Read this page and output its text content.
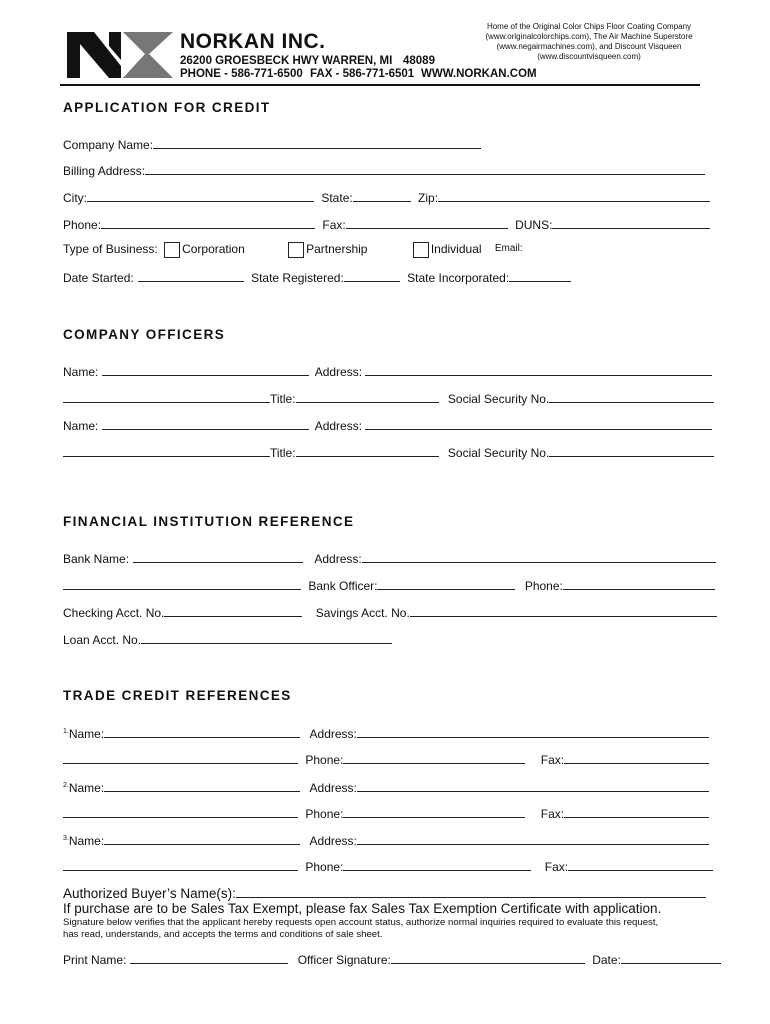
NORKAN INC.
26200 GROESBECK HWY WARREN, MI 48089
PHONE - 586-771-6500 FAX - 586-771-6501 WWW.NORKAN.COM
Home of the Original Color Chips Floor Coating Company
(www.originalcolorchips.com), The Air Machine Superstore
(www.negairmachines.com), and Discount Visqueen
(www.discountvisqueen.com)
APPLICATION FOR CREDIT
Company Name:
Billing Address:
City:	State:	Zip:
Phone:	Fax:	DUNS:
Type of Business: Corporation	Partnership	Individual $^{Email:}$
Date Started:	State Registered:	State Incorporated:
COMPANY OFFICERS
Name:	Address:
Title:	Social Security No.
Name:	Address:
Title:	Social Security No.
FINANCIAL INSTITUTION REFERENCE
Bank Name:	Address:
Bank Officer:	Phone:
Checking Acct. No.	Savings Acct. No.
Loan Acct. No.
TRADE CREDIT REFERENCES
$^{1.}$Name:	Address:
Phone:	Fax:
$^{2.}$Name:	Address:
Phone:	Fax:
$^{3.}$Name:	Address:
Phone:	Fax:
Authorized Buyer’s Name(s):
If purchase are to be Sales Tax Exempt, please fax Sales Tax Exemption Certificate with application.
Signature below verifies that the applicant hereby requests open account status, authorize normal inquiries required to evaluate this request,
has read, understands, and accepts the terms and conditions of sale sheet.
Print Name:	Officer Signature:	Date:
